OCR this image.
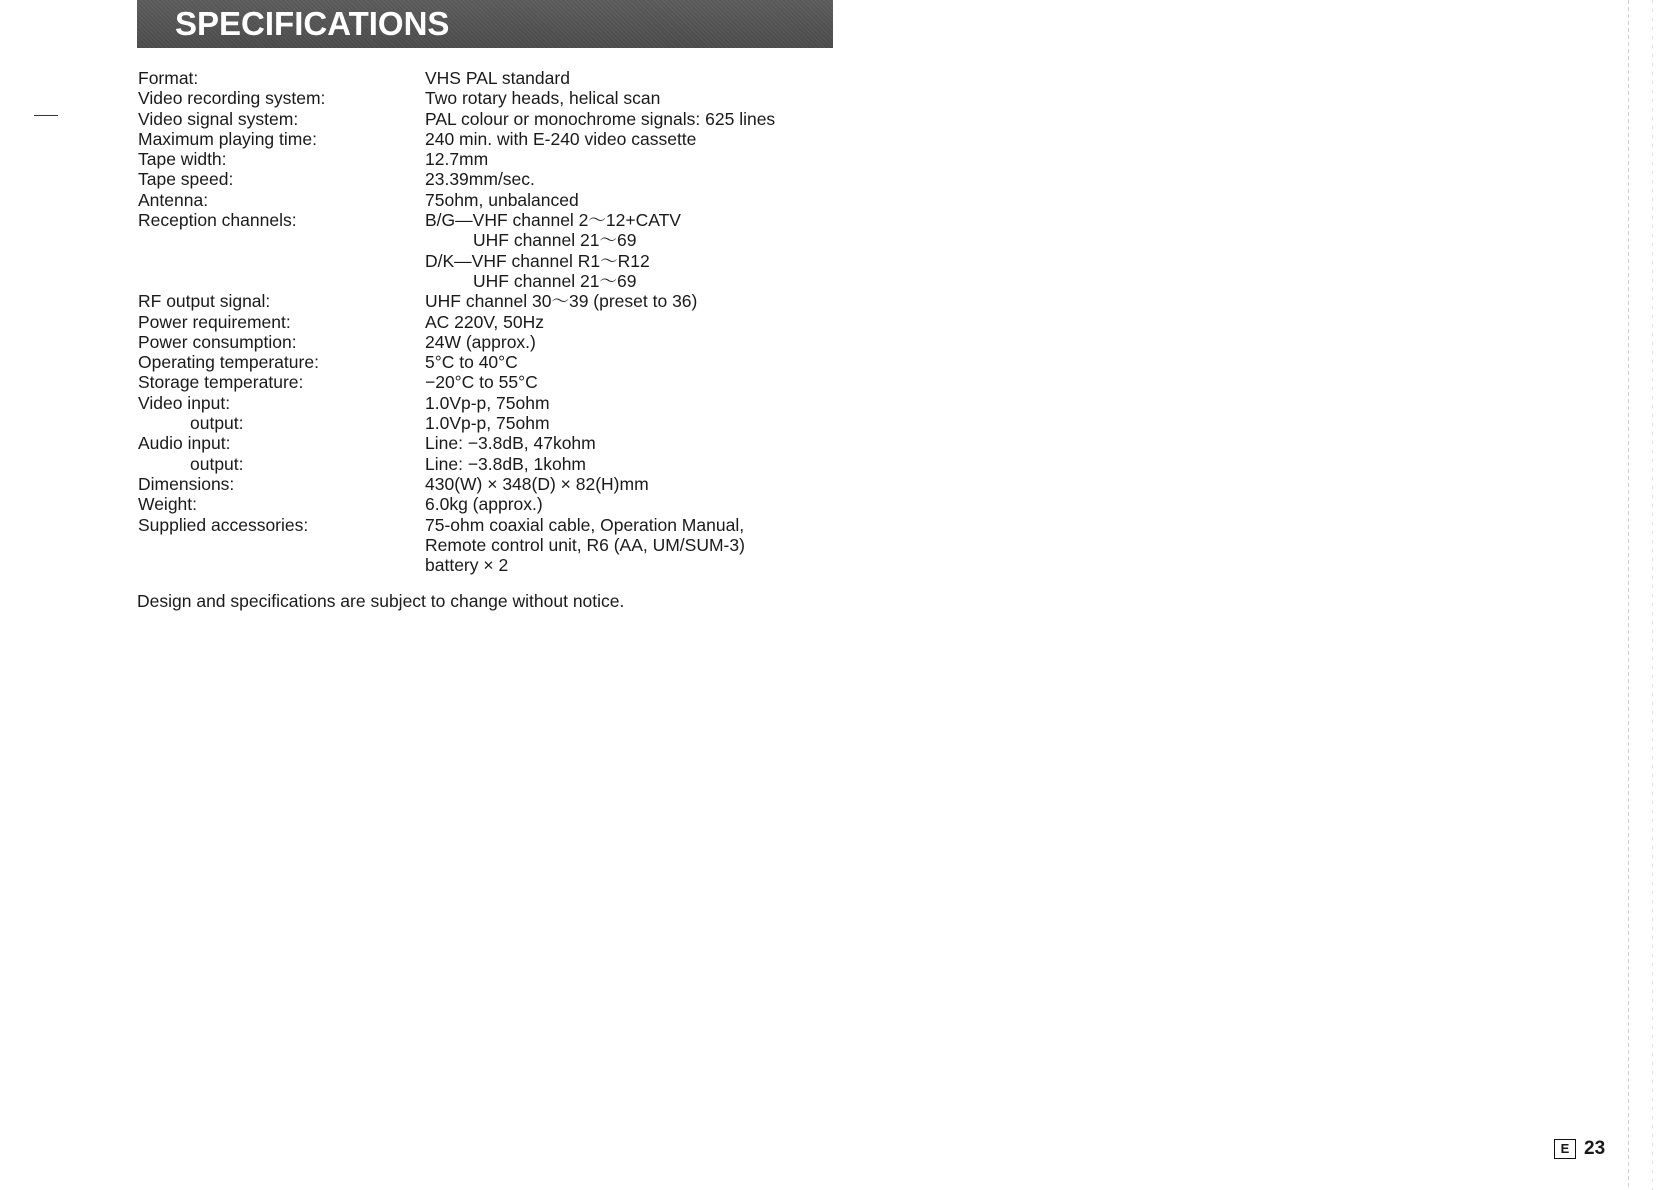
SPECIFICATIONS
Format:	VHS PAL standard
Video recording system:	Two rotary heads, helical scan
Video signal system:	PAL colour or monochrome signals: 625 lines
Maximum playing time:	240 min. with E-240 video cassette
Tape width:	12.7mm
Tape speed:	23.39mm/sec.
Antenna:	75ohm, unbalanced
Reception channels:	B/G—VHF channel 2～12+CATV
UHF channel 21～69
D/K—VHF channel R1～R12
UHF channel 21～69
RF output signal:	UHF channel 30～39 (preset to 36)
Power requirement:	AC 220V, 50Hz
Power consumption:	24W (approx.)
Operating temperature:	5°C to 40°C
Storage temperature:	−20°C to 55°C
Video input:	1.0Vp-p, 75ohm
output:	1.0Vp-p, 75ohm
Audio input:	Line: −3.8dB, 47kohm
output:	Line: −3.8dB, 1kohm
Dimensions:	430(W) × 348(D) × 82(H)mm
Weight:	6.0kg (approx.)
Supplied accessories:	75-ohm coaxial cable, Operation Manual,
Remote control unit, R6 (AA, UM/SUM-3)
battery × 2
Design and specifications are subject to change without notice.
E 23
